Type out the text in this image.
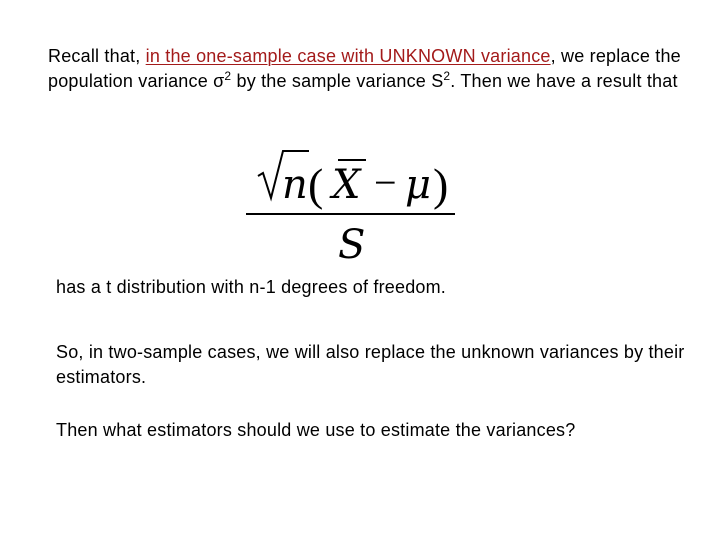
Recall that, in the one-sample case with UNKNOWN variance, we replace the population variance $\sigma^2$ by the sample variance $S^2$. Then we have a result that

n ( X − μ )
S

has a t distribution with n-1 degrees of freedom.

So, in two-sample cases, we will also replace the unknown variances by their estimators.

Then what estimators should we use to estimate the variances?
